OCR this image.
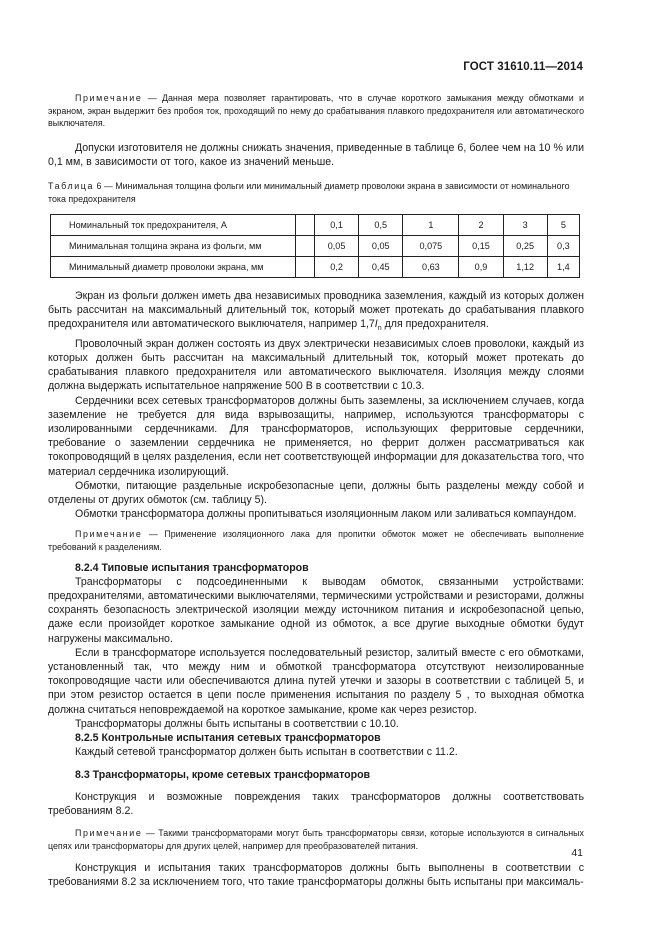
ГОСТ 31610.11—2014

Примечание — Данная мера позволяет гарантировать, что в случае короткого замыкания между обмотками и экраном, экран выдержит без пробоя ток, проходящий по нему до срабатывания плавкого предохранителя или автоматического выключателя.

Допуски изготовителя не должны снижать значения, приведенные в таблице 6, более чем на 10 % или 0,1 мм, в зависимости от того, какое из значений меньше.

Таблица 6 — Минимальная толщина фольги или минимальный диаметр проволоки экрана в зависимости от номинального тока предохранителя

Номинальный ток предохранителя, А		0,1	0,5	1	2	3	5
Минимальная толщина экрана из фольги, мм		0,05	0,05	0,075	0,15	0,25	0,3
Минимальный диаметр проволоки экрана, мм		0,2	0,45	0,63	0,9	1,12	1,4

Экран из фольги должен иметь два независимых проводника заземления, каждый из которых должен быть рассчитан на максимальный длительный ток, который может протекать до срабатывания плавкого предохранителя или автоматического выключателя, например $1,7I_n$ для предохранителя.

Проволочный экран должен состоять из двух электрически независимых слоев проволоки, каждый из которых должен быть рассчитан на максимальный длительный ток, который может протекать до срабатывания плавкого предохранителя или автоматического выключателя. Изоляция между слоями должна выдержать испытательное напряжение 500 В в соответствии с 10.3.

Сердечники всех сетевых трансформаторов должны быть заземлены, за исключением случаев, когда заземление не требуется для вида взрывозащиты, например, используются трансформаторы с изолированными сердечниками. Для трансформаторов, использующих ферритовые сердечники, требование о заземлении сердечника не применяется, но феррит должен рассматриваться как токопроводящий в целях разделения, если нет соответствующей информации для доказательства того, что материал сердечника изолирующий.

Обмотки, питающие раздельные искробезопасные цепи, должны быть разделены между собой и отделены от других обмоток (см. таблицу 5).

Обмотки трансформатора должны пропитываться изоляционным лаком или заливаться компаундом.

Примечание — Применение изоляционного лака для пропитки обмоток может не обеспечивать выполнение требований к разделениям.

8.2.4 Типовые испытания трансформаторов

Трансформаторы с подсоединенными к выводам обмоток, связанными устройствами: предохранителями, автоматическими выключателями, термическими устройствами и резисторами, должны сохранять безопасность электрической изоляции между источником питания и искробезопасной цепью, даже если произойдет короткое замыкание одной из обмоток, а все другие выходные обмотки будут нагружены максимально.

Если в трансформаторе используется последовательный резистор, залитый вместе с его обмотками, установленный так, что между ним и обмоткой трансформатора отсутствуют неизолированные токопроводящие части или обеспечиваются длина путей утечки и зазоры в соответствии с таблицей 5, и при этом резистор остается в цепи после применения испытания по разделу 5 , то выходная обмотка должна считаться неповреждаемой на короткое замыкание, кроме как через резистор.

Трансформаторы должны быть испытаны в соответствии с 10.10.

8.2.5 Контрольные испытания сетевых трансформаторов

Каждый сетевой трансформатор должен быть испытан в соответствии с 11.2.

8.3 Трансформаторы, кроме сетевых трансформаторов

Конструкция и возможные повреждения таких трансформаторов должны соответствовать требованиям 8.2.

Примечание — Такими трансформаторами могут быть трансформаторы связи, которые используются в сигнальных цепях или трансформаторы для других целей, например для преобразователей питания.

Конструкция и испытания таких трансформаторов должны быть выполнены в соответствии с требованиями 8.2 за исключением того, что такие трансформаторы должны быть испытаны при максималь-

41
